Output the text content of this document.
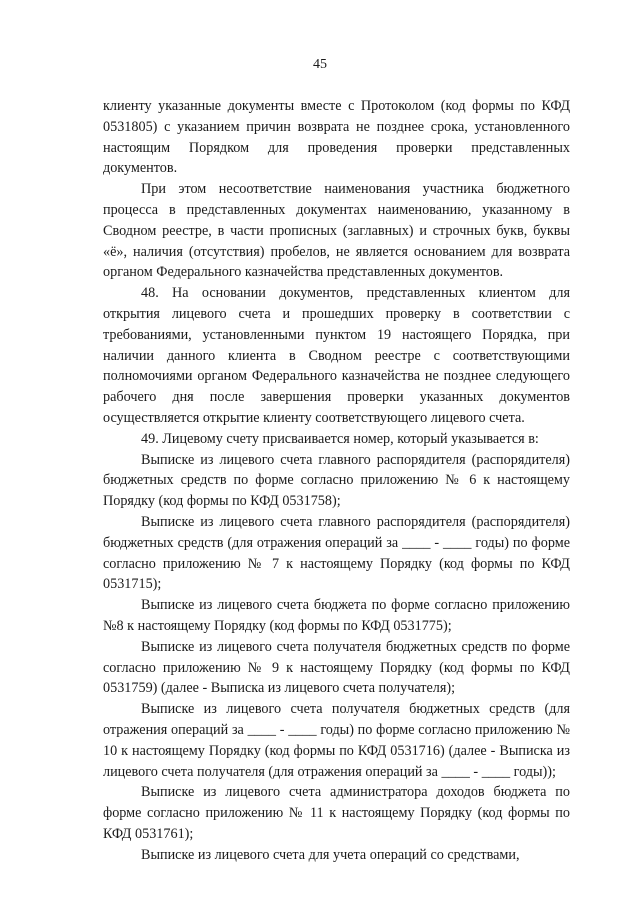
45

клиенту указанные документы вместе с Протоколом (код формы по КФД 0531805) с указанием причин возврата не позднее срока, установленного настоящим Порядком для проведения проверки представленных документов.

При этом несоответствие наименования участника бюджетного процесса в представленных документах наименованию, указанному в Сводном реестре, в части прописных (заглавных) и строчных букв, буквы «ё», наличия (отсутствия) пробелов, не является основанием для возврата органом Федерального казначейства представленных документов.

48. На основании документов, представленных клиентом для открытия лицевого счета и прошедших проверку в соответствии с требованиями, установленными пунктом 19 настоящего Порядка, при наличии данного клиента в Сводном реестре с соответствующими полномочиями органом Федерального казначейства не позднее следующего рабочего дня после завершения проверки указанных документов осуществляется открытие клиенту соответствующего лицевого счета.

49. Лицевому счету присваивается номер, который указывается в:

Выписке из лицевого счета главного распорядителя (распорядителя) бюджетных средств по форме согласно приложению № 6 к настоящему Порядку (код формы по КФД 0531758);

Выписке из лицевого счета главного распорядителя (распорядителя) бюджетных средств (для отражения операций за ____ - ____ годы) по форме согласно приложению № 7 к настоящему Порядку (код формы по КФД 0531715);

Выписке из лицевого счета бюджета по форме согласно приложению №8 к настоящему Порядку (код формы по КФД 0531775);

Выписке из лицевого счета получателя бюджетных средств по форме согласно приложению № 9 к настоящему Порядку (код формы по КФД 0531759) (далее - Выписка из лицевого счета получателя);

Выписке из лицевого счета получателя бюджетных средств (для отражения операций за ____ - ____ годы) по форме согласно приложению № 10 к настоящему Порядку (код формы по КФД 0531716) (далее - Выписка из лицевого счета получателя (для отражения операций за ____ - ____ годы));

Выписке из лицевого счета администратора доходов бюджета по форме согласно приложению № 11 к настоящему Порядку (код формы по КФД 0531761);

Выписке из лицевого счета для учета операций со средствами,
